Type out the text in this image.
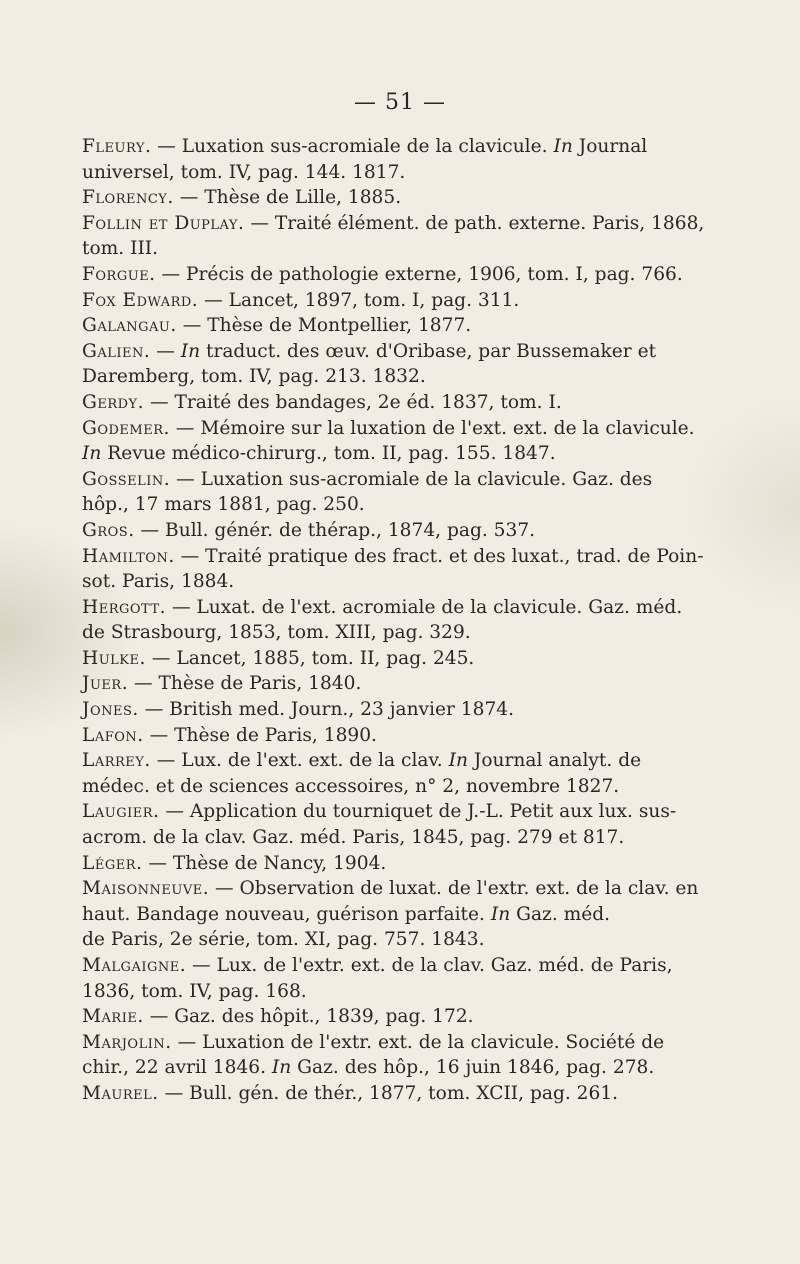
— 51 —
Fleury. — Luxation sus-acromiale de la clavicule. In Journal
universel, tom. IV, pag. 144. 1817.
Florency. — Thèse de Lille, 1885.
Follin et Duplay. — Traité élément. de path. externe. Paris, 1868,
tom. III.
Forgue. — Précis de pathologie externe, 1906, tom. I, pag. 766.
Fox Edward. — Lancet, 1897, tom. I, pag. 311.
Galangau. — Thèse de Montpellier, 1877.
Galien. — In traduct. des œuv. d'Oribase, par Bussemaker et
Daremberg, tom. IV, pag. 213. 1832.
Gerdy. — Traité des bandages, 2e éd. 1837, tom. I.
Godemer. — Mémoire sur la luxation de l'ext. ext. de la clavicule.
In Revue médico-chirurg., tom. II, pag. 155. 1847.
Gosselin. — Luxation sus-acromiale de la clavicule. Gaz. des
hôp., 17 mars 1881, pag. 250.
Gros. — Bull. génér. de thérap., 1874, pag. 537.
Hamilton. — Traité pratique des fract. et des luxat., trad. de Poin-
sot. Paris, 1884.
Hergott. — Luxat. de l'ext. acromiale de la clavicule. Gaz. méd.
de Strasbourg, 1853, tom. XIII, pag. 329.
Hulke. — Lancet, 1885, tom. II, pag. 245.
Juer. — Thèse de Paris, 1840.
Jones. — British med. Journ., 23 janvier 1874.
Lafon. — Thèse de Paris, 1890.
Larrey. — Lux. de l'ext. ext. de la clav. In Journal analyt. de
médec. et de sciences accessoires, n° 2, novembre 1827.
Laugier. — Application du tourniquet de J.-L. Petit aux lux. sus-
acrom. de la clav. Gaz. méd. Paris, 1845, pag. 279 et 817.
Léger. — Thèse de Nancy, 1904.
Maisonneuve. — Observation de luxat. de l'extr. ext. de la clav. en
haut. Bandage nouveau, guérison parfaite. In Gaz. méd.
de Paris, 2e série, tom. XI, pag. 757. 1843.
Malgaigne. — Lux. de l'extr. ext. de la clav. Gaz. méd. de Paris,
1836, tom. IV, pag. 168.
Marie. — Gaz. des hôpit., 1839, pag. 172.
Marjolin. — Luxation de l'extr. ext. de la clavicule. Société de
chir., 22 avril 1846. In Gaz. des hôp., 16 juin 1846, pag. 278.
Maurel. — Bull. gén. de thér., 1877, tom. XCII, pag. 261.
